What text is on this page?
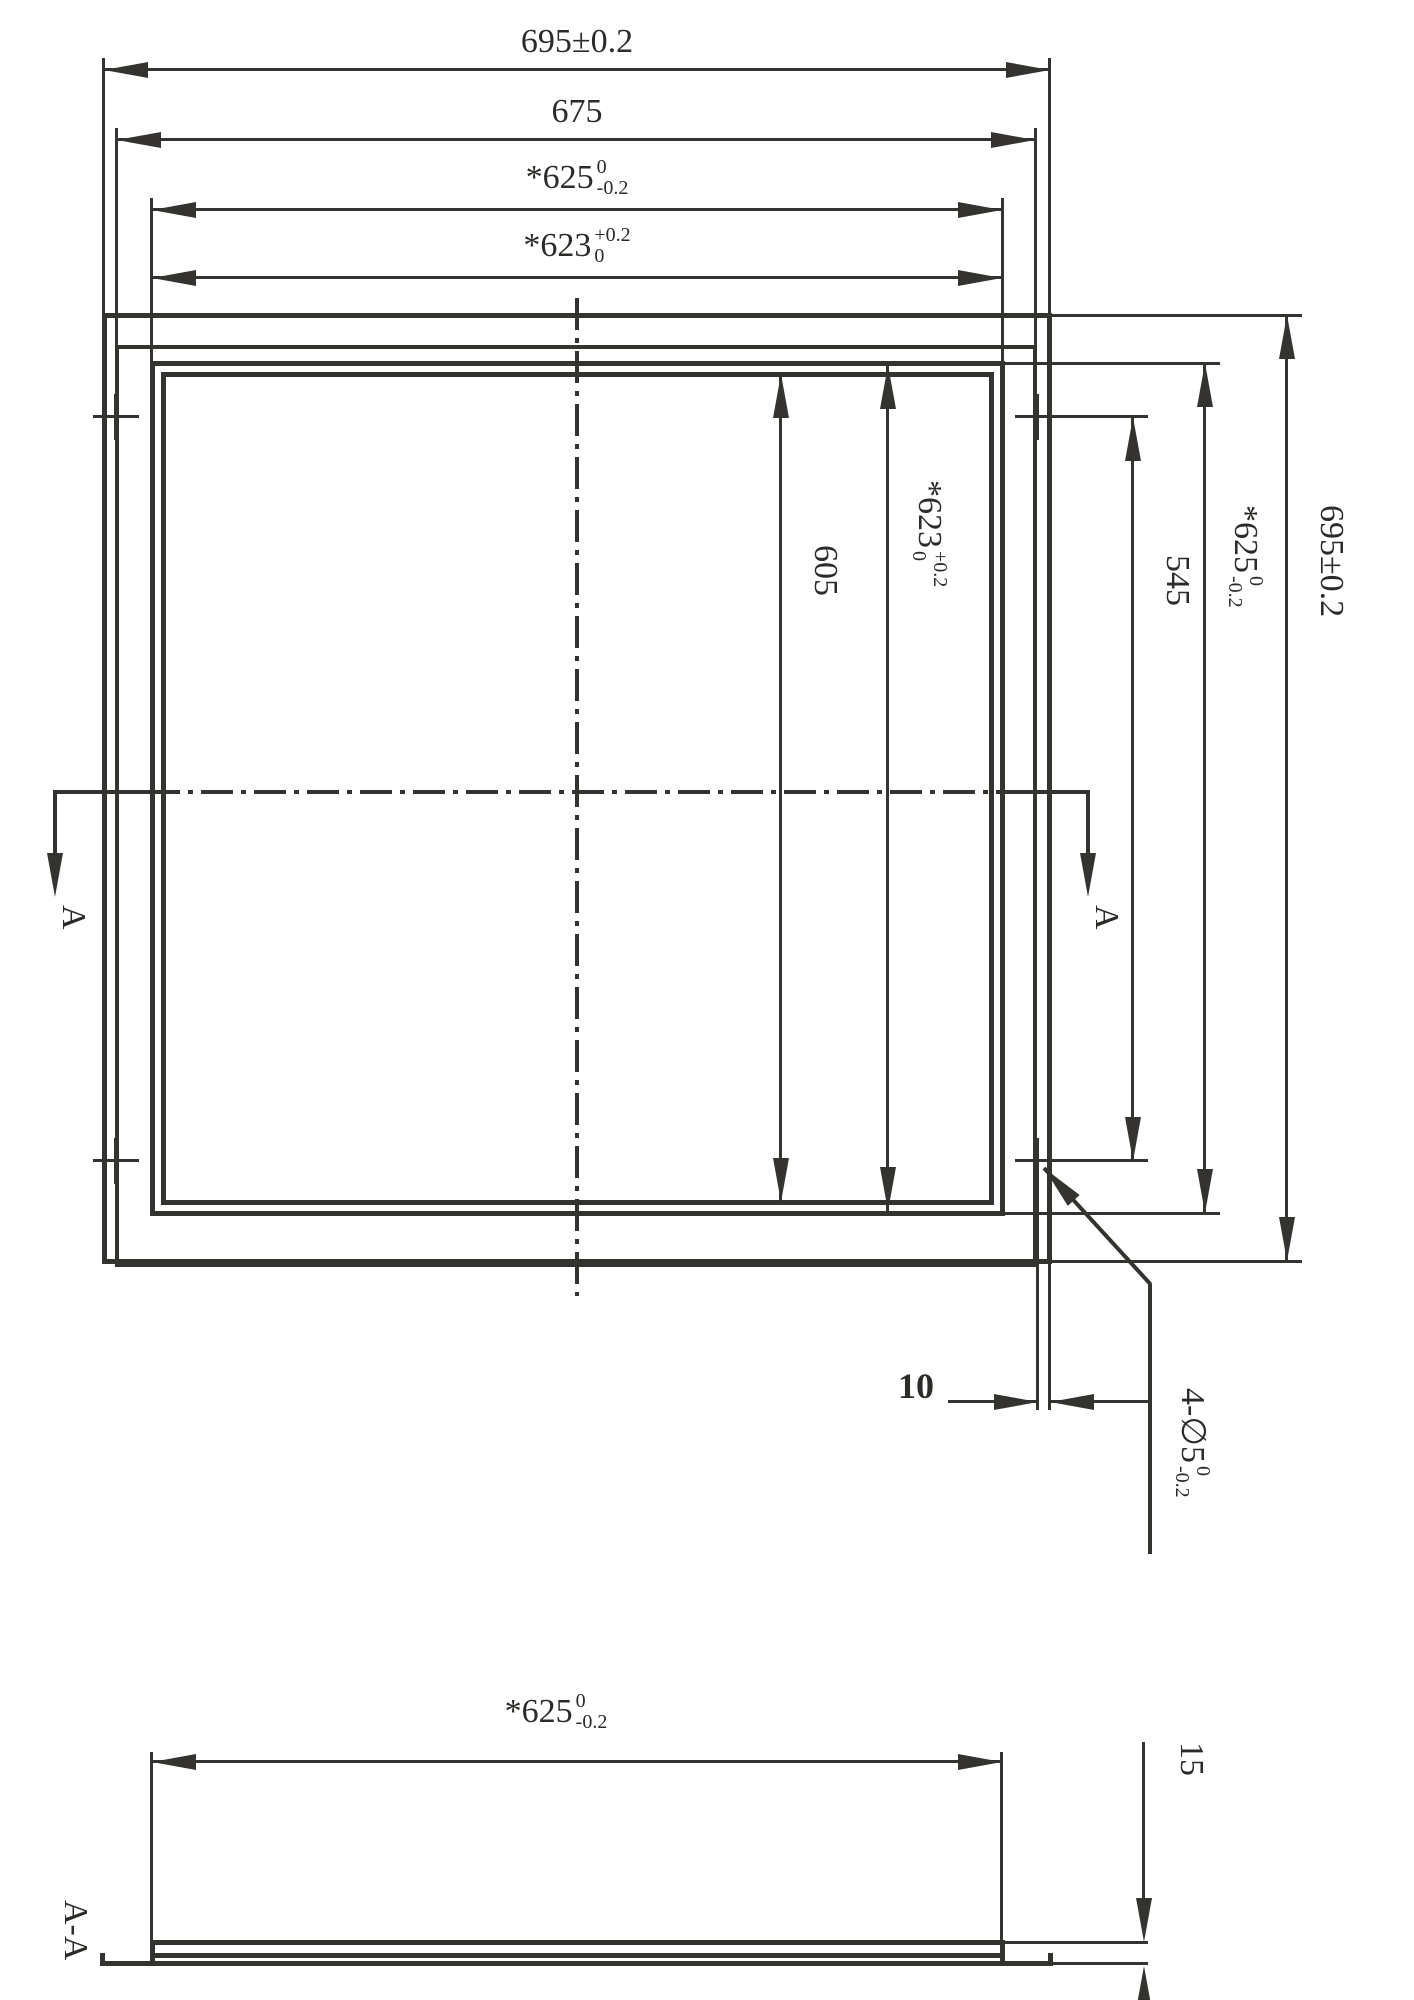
A	A
695±0.2
675
*625 0
-0.2
*623 +0.2
0
605
*623
+0.2
0	545
*625
0
-0.2 695±0.2
10
4-∅5
0
-0.2
A-A
*625 0
-0.2
15
